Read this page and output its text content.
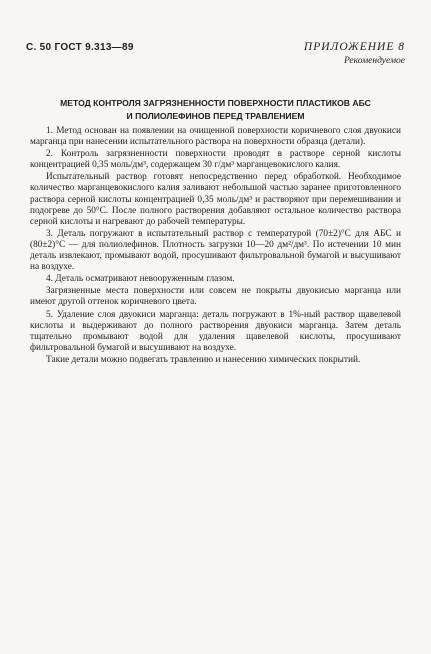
С. 50 ГОСТ 9.313—89	ПРИЛОЖЕНИЕ 8
Рекомендуемое
МЕТОД КОНТРОЛЯ ЗАГРЯЗНЕННОСТИ ПОВЕРХНОСТИ ПЛАСТИКОВ АБС
И ПОЛИОЛЕФИНОВ ПЕРЕД ТРАВЛЕНИЕМ

1. Метод основан на появлении на очищенной поверхности коричневого слоя двуокиси марганца при нанесении испытательного раствора на поверхности образца (детали).

2. Контроль загрязненности поверхности проводят в растворе серной кислоты концентрацией 0,35 моль/дм³, содержащем 30 г/дм³ марганцевокислого калия.

Испытательный раствор готовят непосредственно перед обработкой. Необходимое количество марганцевокислого калия заливают небольшой частью заранее приготовленного раствора серной кислоты концентрацией 0,35 моль/дм³ и растворяют при перемешивании и подогреве до 50°С. После полного растворения добавляют остальное количество раствора серной кислоты и нагревают до рабочей температуры.

3. Деталь погружают в испытательный раствор с температурой (70±2)°С для АБС и (80±2)°С — для полиолефинов. Плотность загрузки 10—20 дм²/дм³. По истечении 10 мин деталь извлекают, промывают водой, просушивают фильтровальной бумагой и высушивают на воздухе.

4. Деталь осматривают невооруженным глазом.

Загрязненные места поверхности или совсем не покрыты двуокисью марганца или имеют другой оттенок коричневого цвета.

5. Удаление слоя двуокиси марганца: деталь погружают в 1%-ный раствор щавелевой кислоты и выдерживают до полного растворения двуокиси марганца. Затем деталь тщательно промывают водой для удаления щавелевой кислоты, просушивают фильтровальной бумагой и высушивают на воздухе.

Такие детали можно подвегать травлению и нанесению химических покрытий.
